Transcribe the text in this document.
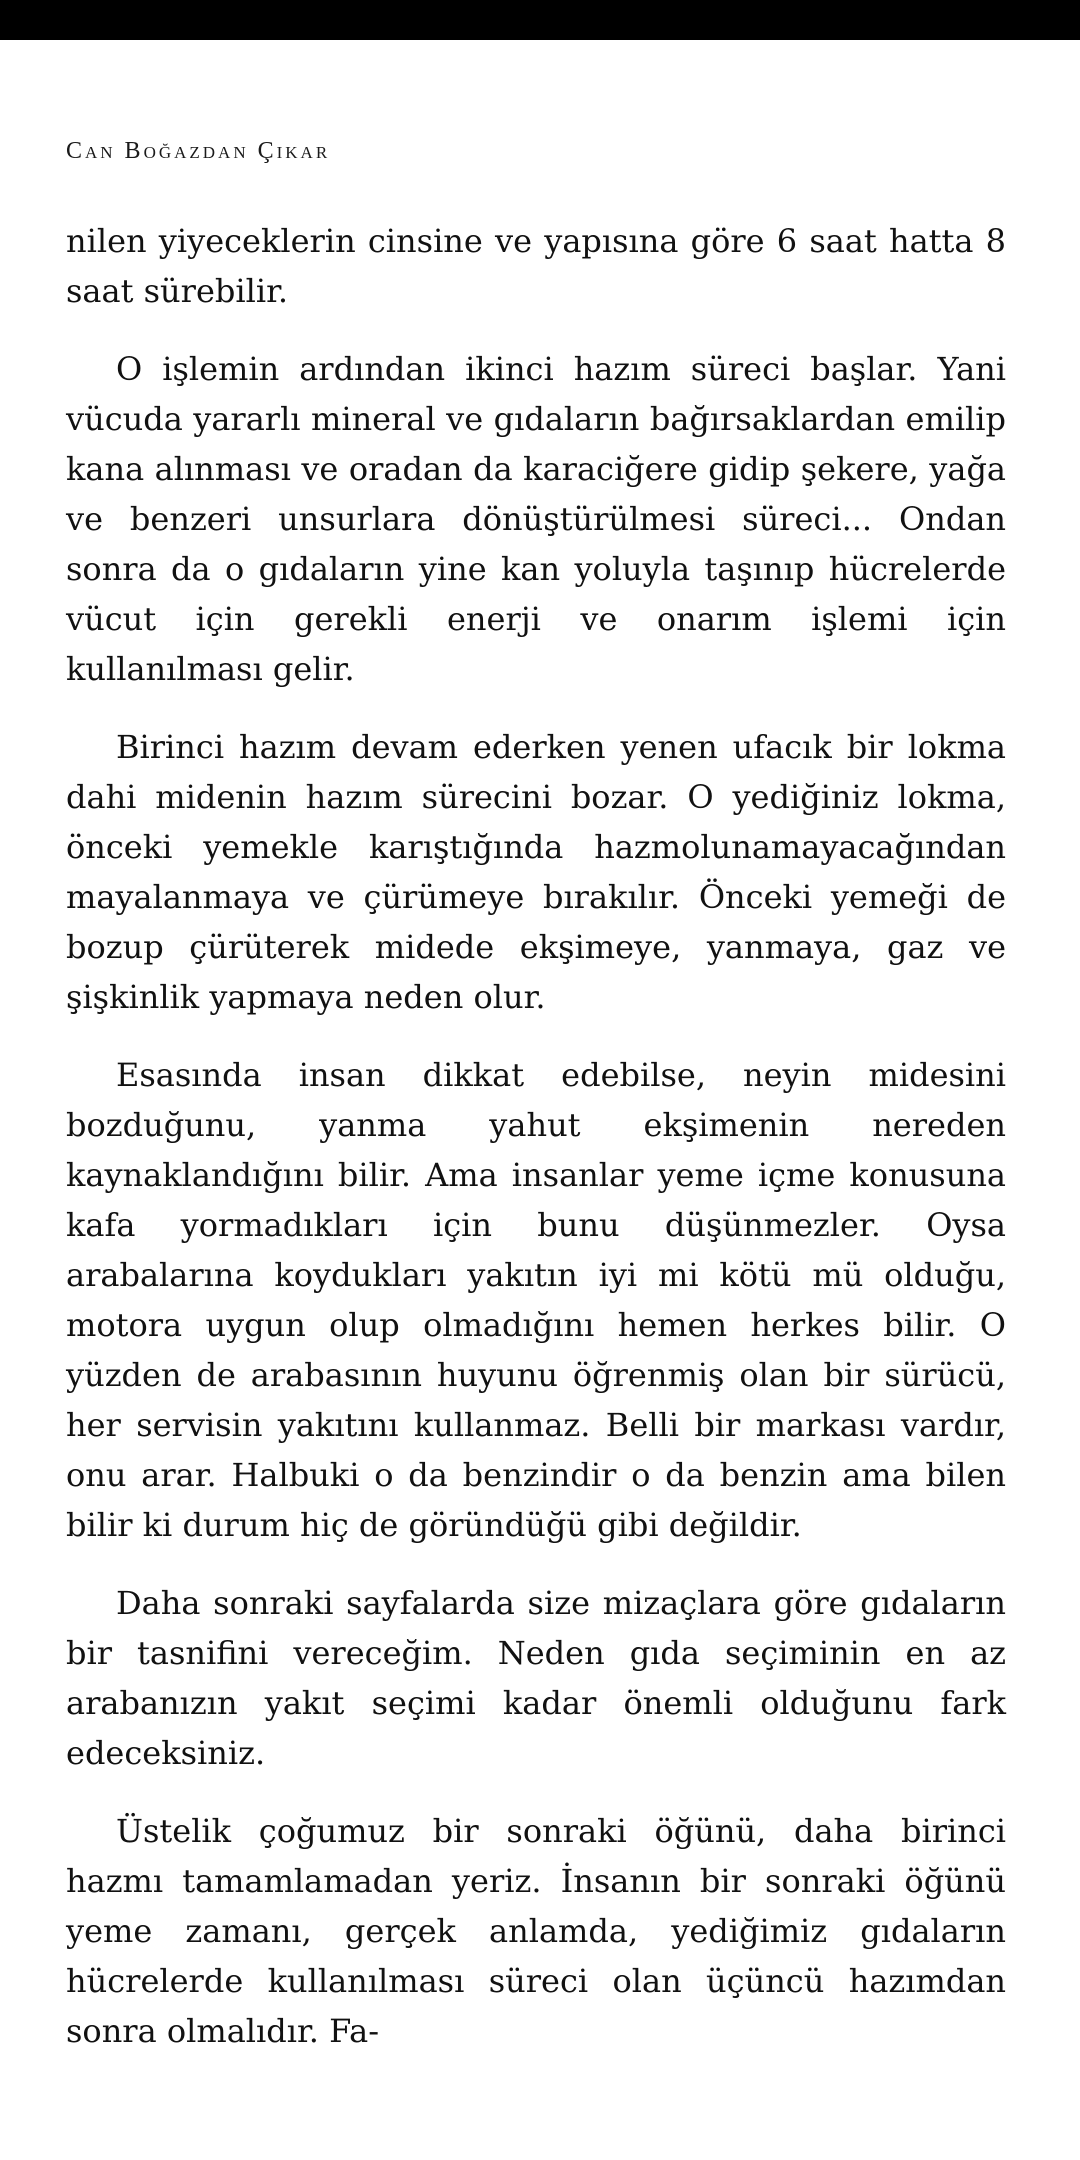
Can Boğazdan Çıkar

nilen yiyeceklerin cinsine ve yapısına göre 6 saat hatta 8 saat sürebilir.

O işlemin ardından ikinci hazım süreci başlar. Yani vücuda yararlı mineral ve gıdaların bağırsaklardan emilip kana alınması ve oradan da karaciğere gidip şekere, yağa ve benzeri unsurlara dönüştürülmesi süreci... Ondan sonra da o gıdaların yine kan yoluyla taşınıp hücrelerde vücut için gerekli enerji ve onarım işlemi için kullanılması gelir.

Birinci hazım devam ederken yenen ufacık bir lokma dahi midenin hazım sürecini bozar. O yediğiniz lokma, önceki yemekle karıştığında hazmolunamayacağından mayalanmaya ve çürümeye bırakılır. Önceki yemeği de bozup çürüterek midede ekşimeye, yanmaya, gaz ve şişkinlik yapmaya neden olur.

Esasında insan dikkat edebilse, neyin midesini bozduğunu, yanma yahut ekşimenin nereden kaynaklandığını bilir. Ama insanlar yeme içme konusuna kafa yormadıkları için bunu düşünmezler. Oysa arabalarına koydukları yakıtın iyi mi kötü mü olduğu, motora uygun olup olmadığını hemen herkes bilir. O yüzden de arabasının huyunu öğrenmiş olan bir sürücü, her servisin yakıtını kullanmaz. Belli bir markası vardır, onu arar. Halbuki o da benzindir o da benzin ama bilen bilir ki durum hiç de göründüğü gibi değildir.

Daha sonraki sayfalarda size mizaçlara göre gıdaların bir tasnifini vereceğim. Neden gıda seçiminin en az arabanızın yakıt seçimi kadar önemli olduğunu fark edeceksiniz.

Üstelik çoğumuz bir sonraki öğünü, daha birinci hazmı tamamlamadan yeriz. İnsanın bir sonraki öğünü yeme zamanı, gerçek anlamda, yediğimiz gıdaların hücrelerde kullanılması süreci olan üçüncü hazımdan sonra olmalıdır. Fa-
